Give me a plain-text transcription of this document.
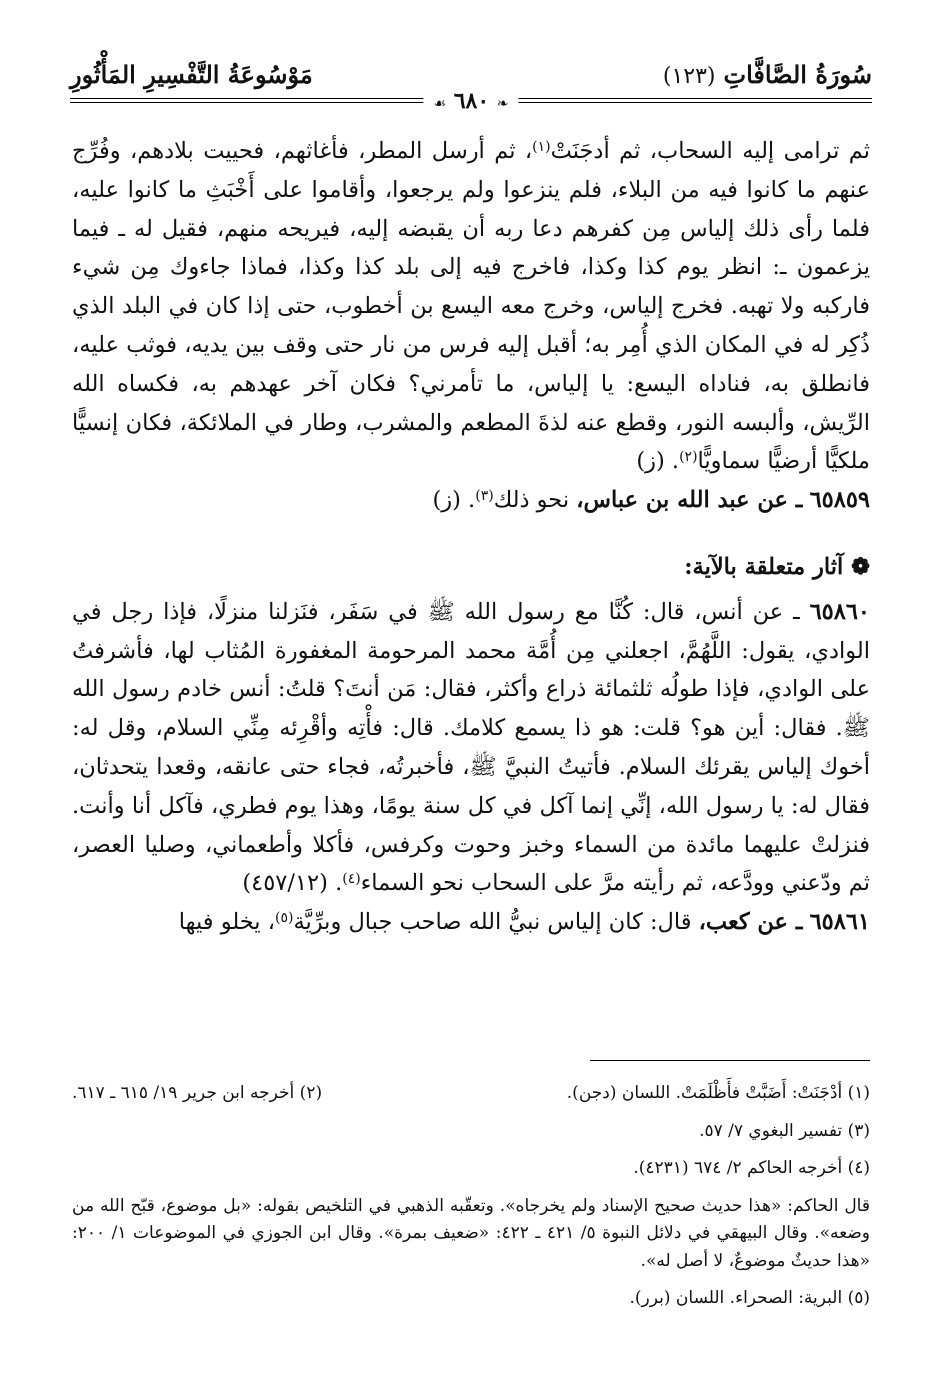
سُورَةُ الصَّافَّاتِ(١٢٣)
مَوْسُوعَةُ التَّفْسِيرِ المَأْثُورِ
❧ ٦٨٠ ☙

ثم ترامى إليه السحاب، ثم أدجَنَتْ$^{(١)}$، ثم أرسل المطر، فأغاثهم، فحييت بلادهم، وفُرِّج عنهم ما كانوا فيه من البلاء، فلم ينزعوا ولم يرجعوا، وأقاموا على أَخْبَثِ ما كانوا عليه، فلما رأى ذلك إلياس مِن كفرهم دعا ربه أن يقبضه إليه، فيريحه منهم، فقيل له ـ فيما يزعمون ـ: انظر يوم كذا وكذا، فاخرج فيه إلى بلد كذا وكذا، فماذا جاءوك مِن شيء فاركبه ولا تهبه. فخرج إلياس، وخرج معه اليسع بن أخطوب، حتى إذا كان في البلد الذي ذُكِر له في المكان الذي أُمِر به؛ أقبل إليه فرس من نار حتى وقف بين يديه، فوثب عليه، فانطلق به، فناداه اليسع: يا إلياس، ما تأمرني؟ فكان آخر عهدهم به، فكساه الله الرِّيش، وألبسه النور، وقطع عنه لذةَ المطعم والمشرب، وطار في الملائكة، فكان إنسيًّا ملكيًّا أرضيًّا سماويًّا$^{(٢)}$. (ز)

٦٥٨٥٩ ـ عن عبد الله بن عباس، نحو ذلك$^{(٣)}$. (ز)

❁ آثار متعلقة بالآية:

٦٥٨٦٠ ـ عن أنس، قال: كُنَّا مع رسول الله ﷺ في سَفَر، فنَزلنا منزلًا، فإذا رجل في الوادي، يقول: اللَّهُمَّ، اجعلني مِن أُمَّة محمد المرحومة المغفورة المُثاب لها، فأشرفتُ على الوادي، فإذا طولُه ثلثمائة ذراع وأكثر، فقال: مَن أنتَ؟ قلتُ: أنس خادم رسول الله ﷺ. فقال: أين هو؟ قلت: هو ذا يسمع كلامك. قال: فأْتِه وأقْرِئه مِنِّي السلام، وقل له: أخوك إلياس يقرئك السلام. فأتيتُ النبيَّ ﷺ، فأخبرتُه، فجاء حتى عانقه، وقعدا يتحدثان، فقال له: يا رسول الله، إنِّي إنما آكل في كل سنة يومًا، وهذا يوم فطري، فآكل أنا وأنت. فنزلتْ عليهما مائدة من السماء وخبز وحوت وكرفس، فأكلا وأطعماني، وصليا العصر، ثم ودّعني وودَّعه، ثم رأيته مرَّ على السحاب نحو السماء$^{(٤)}$. (٤٥٧/١٢)

٦٥٨٦١ ـ عن كعب، قال: كان إلياس نبيُّ الله صاحب جبال وبرِّيَّة$^{(٥)}$، يخلو فيها

(١) أدْجَنَتْ: أَضَبَّتْ فأَظْلَمَتْ. اللسان (دجن).
(٢) أخرجه ابن جرير ١٩/ ٦١٥ ـ ٦١٧.

(٣) تفسير البغوي ٧/ ٥٧.

(٤) أخرجه الحاكم ٢/ ٦٧٤ (٤٢٣١).

قال الحاكم: «هذا حديث صحيح الإسناد ولم يخرجاه». وتعقّبه الذهبي في التلخيص بقوله: «بل موضوع، قبّح الله من وضعه». وقال البيهقي في دلائل النبوة ٥/ ٤٢١ ـ ٤٢٢: «ضعيف بمرة». وقال ابن الجوزي في الموضوعات ١/ ٢٠٠: «هذا حديثٌ موضوعٌ، لا أصل له».

(٥) البرية: الصحراء. اللسان (برر).
